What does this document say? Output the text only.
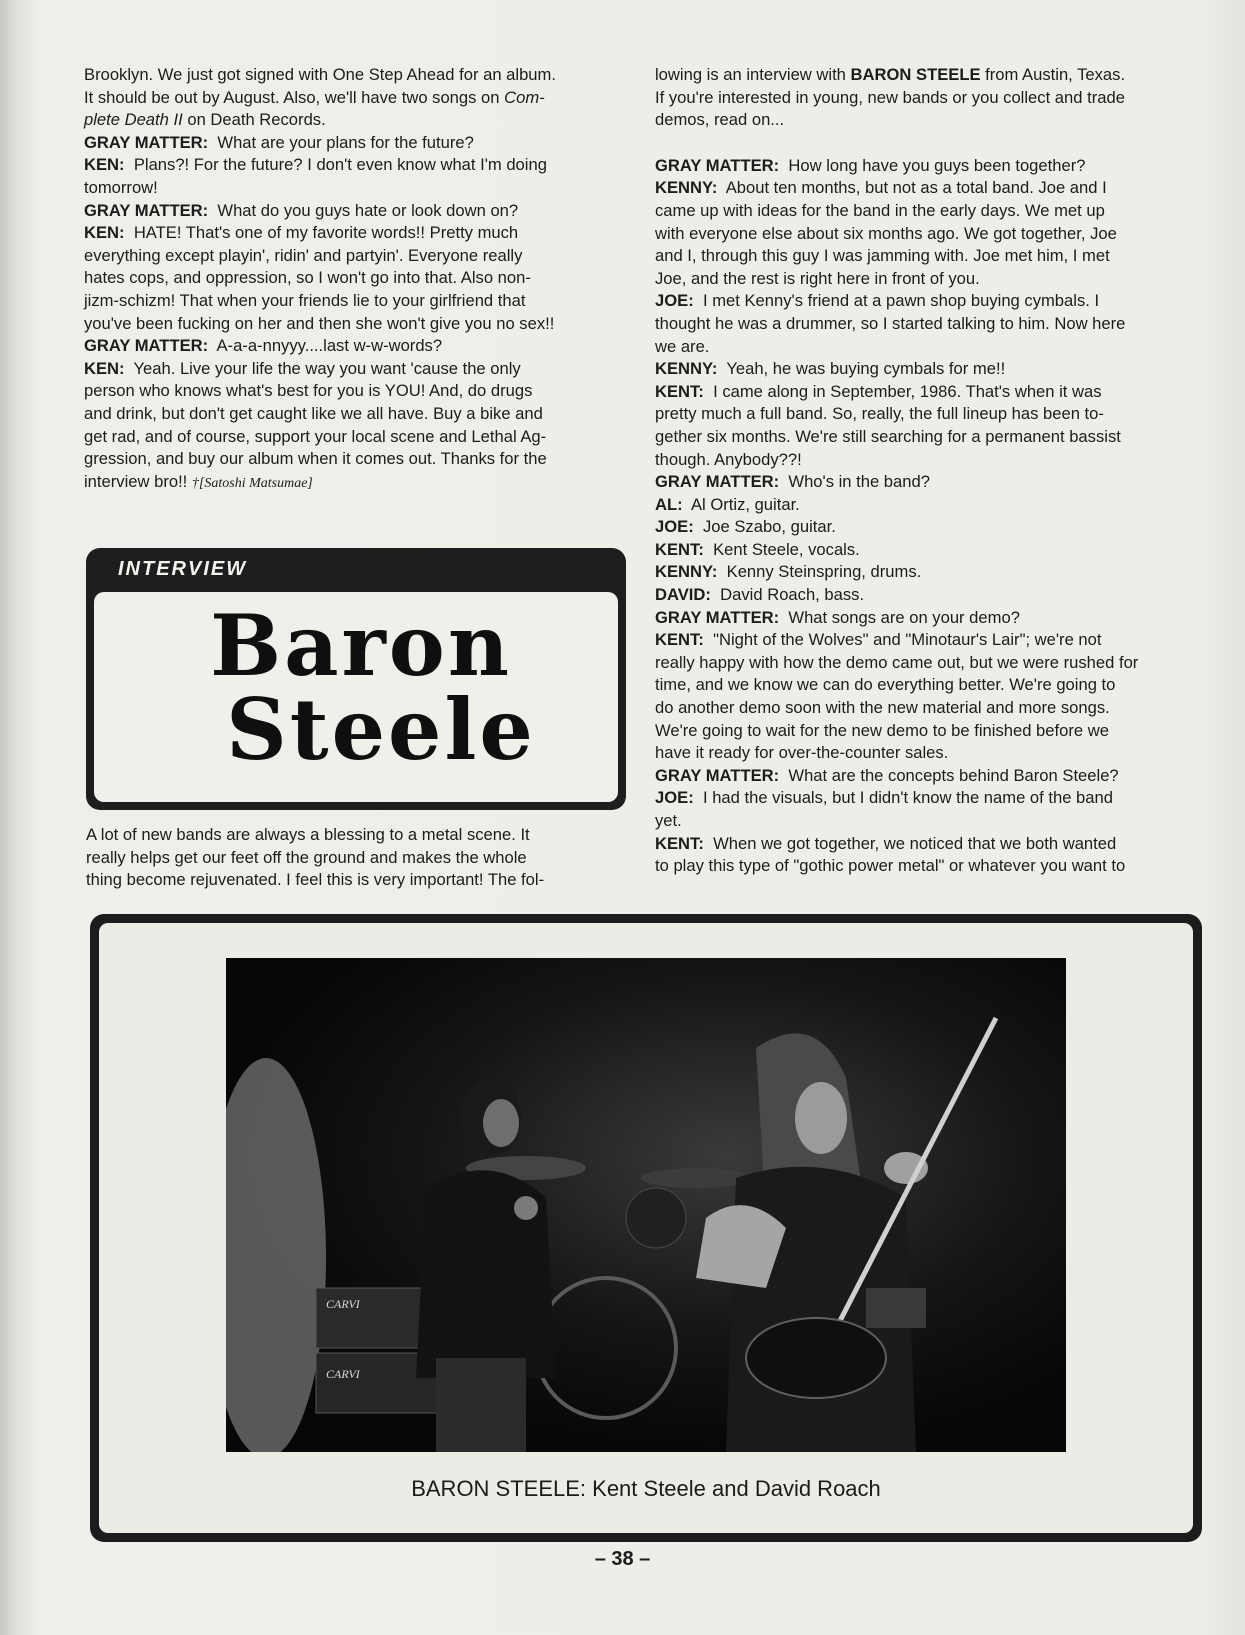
Brooklyn. We just got signed with One Step Ahead for an album.
It should be out by August. Also, we'll have two songs on Com-
plete Death II on Death Records.
GRAY MATTER : What are your plans for the future?
KEN : Plans?! For the future? I don't even know what I'm doing
tomorrow!
GRAY MATTER : What do you guys hate or look down on?
KEN : HATE! That's one of my favorite words!! Pretty much
everything except playin', ridin' and partyin'. Everyone really
hates cops, and oppression, so I won't go into that. Also non-
jizm-schizm! That when your friends lie to your girlfriend that
you've been fucking on her and then she won't give you no sex!!
GRAY MATTER : A-a-a-nnyyy....last w-w-words?
KEN : Yeah. Live your life the way you want 'cause the only
person who knows what's best for you is YOU! And, do drugs
and drink, but don't get caught like we all have. Buy a bike and
get rad, and of course, support your local scene and Lethal Ag-
gression, and buy our album when it comes out. Thanks for the
interview bro!! †[Satoshi Matsumae]
INTERVIEW
Baron
Steele
A lot of new bands are always a blessing to a metal scene. It
really helps get our feet off the ground and makes the whole
thing become rejuvenated. I feel this is very important! The fol-
lowing is an interview with BARON STEELE from Austin, Texas.
If you're interested in young, new bands or you collect and trade
demos, read on...
GRAY MATTER : How long have you guys been together?
KENNY : About ten months, but not as a total band. Joe and I
came up with ideas for the band in the early days. We met up
with everyone else about six months ago. We got together, Joe
and I, through this guy I was jamming with. Joe met him, I met
Joe, and the rest is right here in front of you.
JOE : I met Kenny's friend at a pawn shop buying cymbals. I
thought he was a drummer, so I started talking to him. Now here
we are.
KENNY : Yeah, he was buying cymbals for me!!
KENT : I came along in September, 1986. That's when it was
pretty much a full band. So, really, the full lineup has been to-
gether six months. We're still searching for a permanent bassist
though. Anybody??!
GRAY MATTER : Who's in the band?
AL : Al Ortiz, guitar.
JOE : Joe Szabo, guitar.
KENT : Kent Steele, vocals.
KENNY : Kenny Steinspring, drums.
DAVID : David Roach, bass.
GRAY MATTER : What songs are on your demo?
KENT : "Night of the Wolves" and "Minotaur's Lair"; we're not
really happy with how the demo came out, but we were rushed for
time, and we know we can do everything better. We're going to
do another demo soon with the new material and more songs.
We're going to wait for the new demo to be finished before we
have it ready for over-the-counter sales.
GRAY MATTER : What are the concepts behind Baron Steele?
JOE : I had the visuals, but I didn't know the name of the band
yet.
KENT : When we got together, we noticed that we both wanted
to play this type of "gothic power metal" or whatever you want to
CARVI
CARVI
BARON STEELE: Kent Steele and David Roach
– 38 –
